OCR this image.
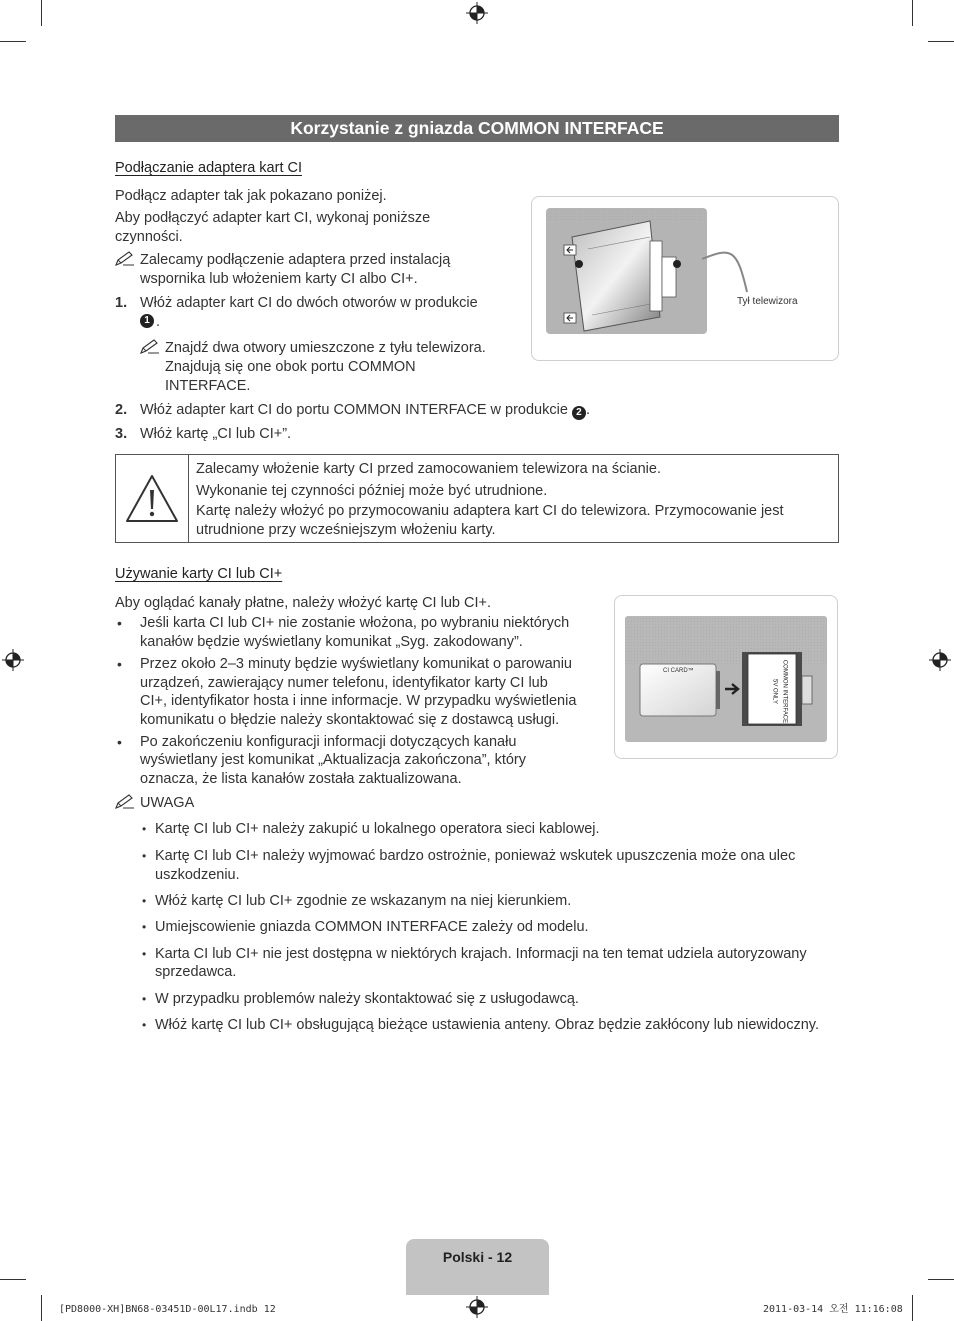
Korzystanie z gniazda COMMON INTERFACE
Podłączanie adaptera kart CI
Podłącz adapter tak jak pokazano poniżej.
Aby podłączyć adapter kart CI, wykonaj poniższe
czynności.
Zalecamy podłączenie adaptera przed instalacją
wspornika lub włożeniem karty CI albo CI+.
1. Włóż adapter kart CI do dwóch otworów w produkcie
1 .
Znajdź dwa otwory umieszczone z tyłu telewizora.
Znajdują się one obok portu COMMON
INTERFACE.
Tył telewizora
2. Włóż adapter kart CI do portu COMMON INTERFACE w produkcie 2 .
3. Włóż kartę „CI lub CI+”.
Zalecamy włożenie karty CI przed zamocowaniem telewizora na ścianie.
Wykonanie tej czynności później może być utrudnione.
Kartę należy włożyć po przymocowaniu adaptera kart CI do telewizora. Przymocowanie jest
utrudnione przy wcześniejszym włożeniu karty.
Używanie karty CI lub CI+
Aby oglądać kanały płatne, należy włożyć kartę CI lub CI+.
• Jeśli karta CI lub CI+ nie zostanie włożona, po wybraniu niektórych
kanałów będzie wyświetlany komunikat „Syg. zakodowany”.
• Przez około 2–3 minuty będzie wyświetlany komunikat o parowaniu
urządzeń, zawierający numer telefonu, identyfikator karty CI lub
CI+, identyfikator hosta i inne informacje. W przypadku wyświetlenia
komunikatu o błędzie należy skontaktować się z dostawcą usługi.
• Po zakończeniu konfiguracji informacji dotyczących kanału
wyświetlany jest komunikat „Aktualizacja zakończona”, który
oznacza, że lista kanałów została zaktualizowana.
CI CARD™	COMMON INTERFACE
5V ONLY
UWAGA
• Kartę CI lub CI+ należy zakupić u lokalnego operatora sieci kablowej.
• Kartę CI lub CI+ należy wyjmować bardzo ostrożnie, ponieważ wskutek upuszczenia może ona ulec
uszkodzeniu.
• Włóż kartę CI lub CI+ zgodnie ze wskazanym na niej kierunkiem.
• Umiejscowienie gniazda COMMON INTERFACE zależy od modelu.
• Karta CI lub CI+ nie jest dostępna w niektórych krajach. Informacji na ten temat udziela autoryzowany
sprzedawca.
• W przypadku problemów należy skontaktować się z usługodawcą.
• Włóż kartę CI lub CI+ obsługującą bieżące ustawienia anteny. Obraz będzie zakłócony lub niewidoczny.
Polski - 12
[PD8000-XH]BN68-03451D-00L17.indb 12	2011-03-14 오전 11:16:08
